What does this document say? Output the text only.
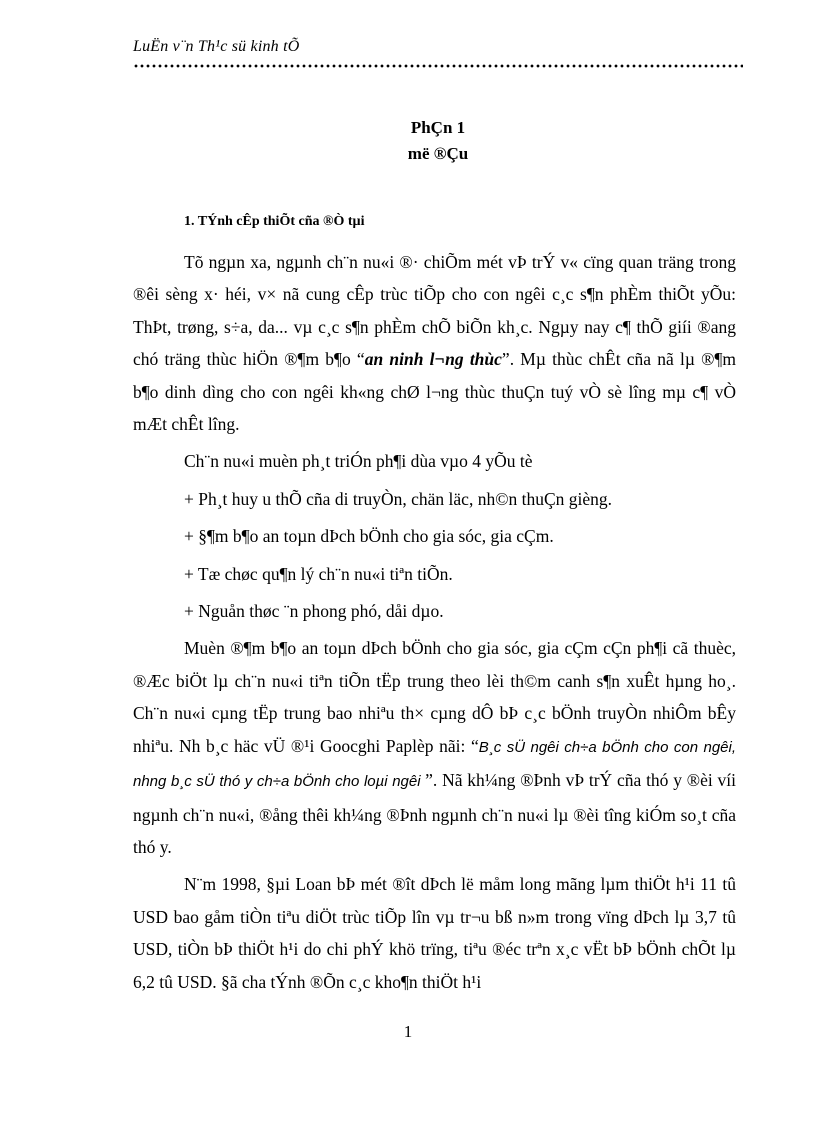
LuËn v¨n Th¹c sü kinh tÕ
PhÇn 1
më ®Çu
1. TÝnh cÊp thiÕt cña ®Ò tµi

Tõ ngµn xa, ngµnh ch¨n nu«i ®· chiÕm mét vÞ trÝ v« cïng quan träng trong ®êi sèng x· héi, v× nã cung cÊp trùc tiÕp cho con ngêi c¸c s¶n phÈm thiÕt yÕu: ThÞt, trøng, s÷a, da... vµ c¸c s¶n phÈm chÕ biÕn kh¸c. Ngµy nay c¶ thÕ giíi ®ang chó träng thùc hiÖn ®¶m b¶o “an ninh l¬ng thùc”. Mµ thùc chÊt cña nã lµ ®¶m b¶o dinh dìng cho con ngêi kh«ng chØ l¬ng thùc thuÇn tuý vÒ sè lîng mµ c¶ vÒ mÆt chÊt lîng.

Ch¨n nu«i muèn ph¸t triÓn ph¶i dùa vµo 4 yÕu tè

+ Ph¸t huy u thÕ cña di truyÒn, chän läc, nh©n thuÇn gièng.

+ §¶m b¶o an toµn dÞch bÖnh cho gia sóc, gia cÇm.

+ Tæ chøc qu¶n lý ch¨n nu«i tiªn tiÕn.

+ Nguån thøc ¨n phong phó, dåi dµo.

Muèn ®¶m b¶o an toµn dÞch bÖnh cho gia sóc, gia cÇm cÇn ph¶i cã thuèc, ®Æc biÖt lµ ch¨n nu«i tiªn tiÕn tËp trung theo lèi th©m canh s¶n xuÊt hµng ho¸. Ch¨n nu«i cµng tËp trung bao nhiªu th× cµng dÔ bÞ c¸c bÖnh truyÒn nhiÔm bÊy nhiªu. Nh b¸c häc vÜ ®¹i Goocghi Paplèp nãi: “B¸c sÜ ngêi ch÷a bÖnh cho con ngêi, nhng b¸c sÜ thó y ch÷a bÖnh cho loµi ngêi ”. Nã kh¼ng ®Þnh vÞ trÝ cña thó y ®èi víi ngµnh ch¨n nu«i, ®ång thêi kh¼ng ®Þnh ngµnh ch¨n nu«i lµ ®èi tîng kiÓm so¸t cña thó y.

N¨m 1998, §µi Loan bÞ mét ®ît dÞch lë måm long mãng lµm thiÖt h¹i 11 tû USD bao gåm tiÒn tiªu diÖt trùc tiÕp lîn vµ tr¬u bß n»m trong vïng dÞch lµ 3,7 tû USD, tiÒn bÞ thiÖt h¹i do chi phÝ khö trïng, tiªu ®éc trªn x¸c vËt bÞ bÖnh chÕt lµ 6,2 tû USD. §ã cha tÝnh ®Õn c¸c kho¶n thiÖt h¹i

1
